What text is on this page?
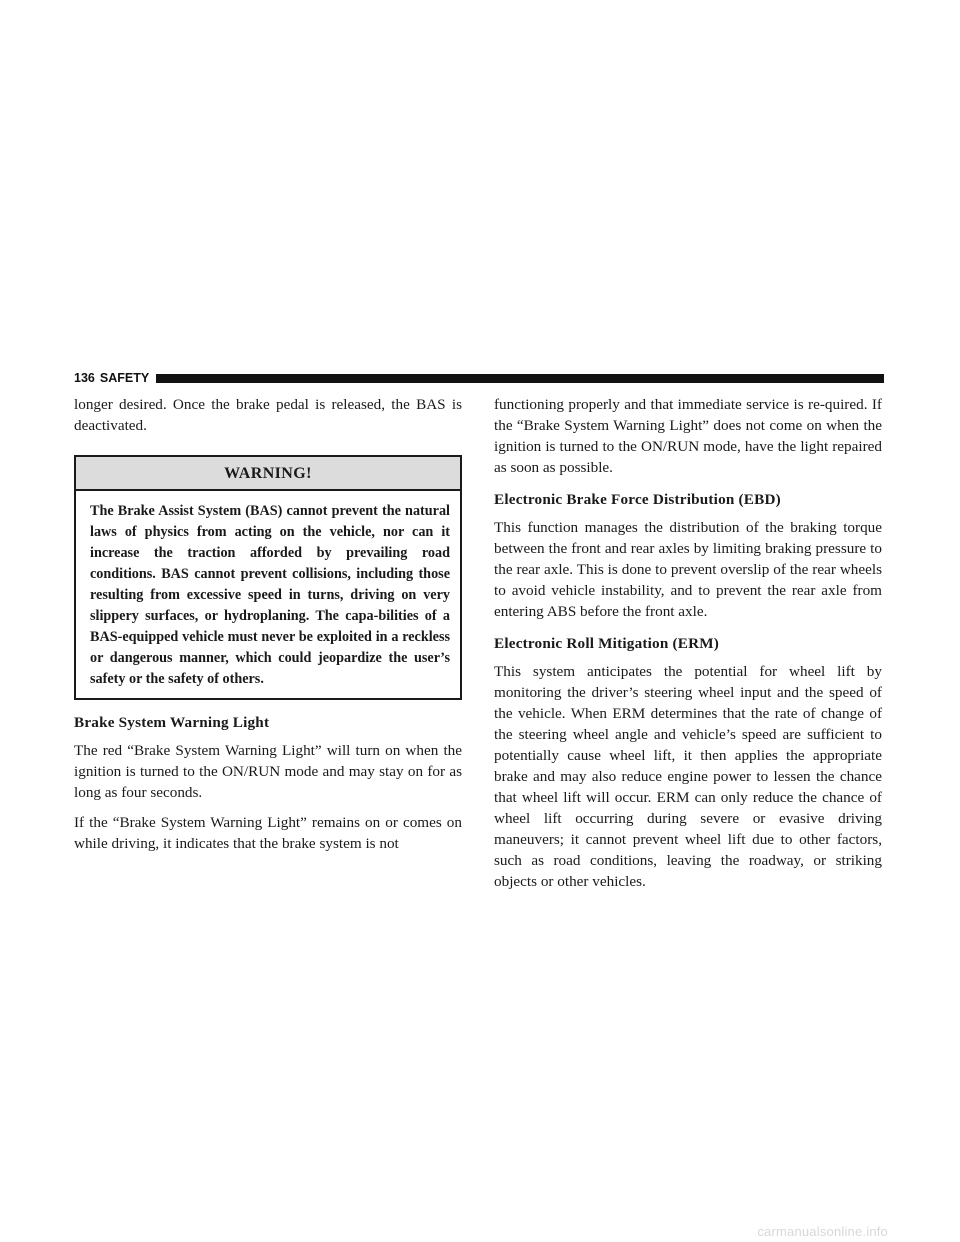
136 SAFETY

longer desired. Once the brake pedal is released, the BAS is deactivated.

WARNING!
The Brake Assist System (BAS) cannot prevent the natural laws of physics from acting on the vehicle, nor can it increase the traction afforded by prevailing road conditions. BAS cannot prevent collisions, including those resulting from excessive speed in turns, driving on very slippery surfaces, or hydroplaning. The capa-bilities of a BAS-equipped vehicle must never be exploited in a reckless or dangerous manner, which could jeopardize the user’s safety or the safety of others.
Brake System Warning Light

The red “Brake System Warning Light” will turn on when the ignition is turned to the ON/RUN mode and may stay on for as long as four seconds.

If the “Brake System Warning Light” remains on or comes on while driving, it indicates that the brake system is not

functioning properly and that immediate service is re-quired. If the “Brake System Warning Light” does not come on when the ignition is turned to the ON/RUN mode, have the light repaired as soon as possible.

Electronic Brake Force Distribution (EBD)

This function manages the distribution of the braking torque between the front and rear axles by limiting braking pressure to the rear axle. This is done to prevent overslip of the rear wheels to avoid vehicle instability, and to prevent the rear axle from entering ABS before the front axle.

Electronic Roll Mitigation (ERM)

This system anticipates the potential for wheel lift by monitoring the driver’s steering wheel input and the speed of the vehicle. When ERM determines that the rate of change of the steering wheel angle and vehicle’s speed are sufficient to potentially cause wheel lift, it then applies the appropriate brake and may also reduce engine power to lessen the chance that wheel lift will occur. ERM can only reduce the chance of wheel lift occurring during severe or evasive driving maneuvers; it cannot prevent wheel lift due to other factors, such as road conditions, leaving the roadway, or striking objects or other vehicles.

carmanualsonline.info
